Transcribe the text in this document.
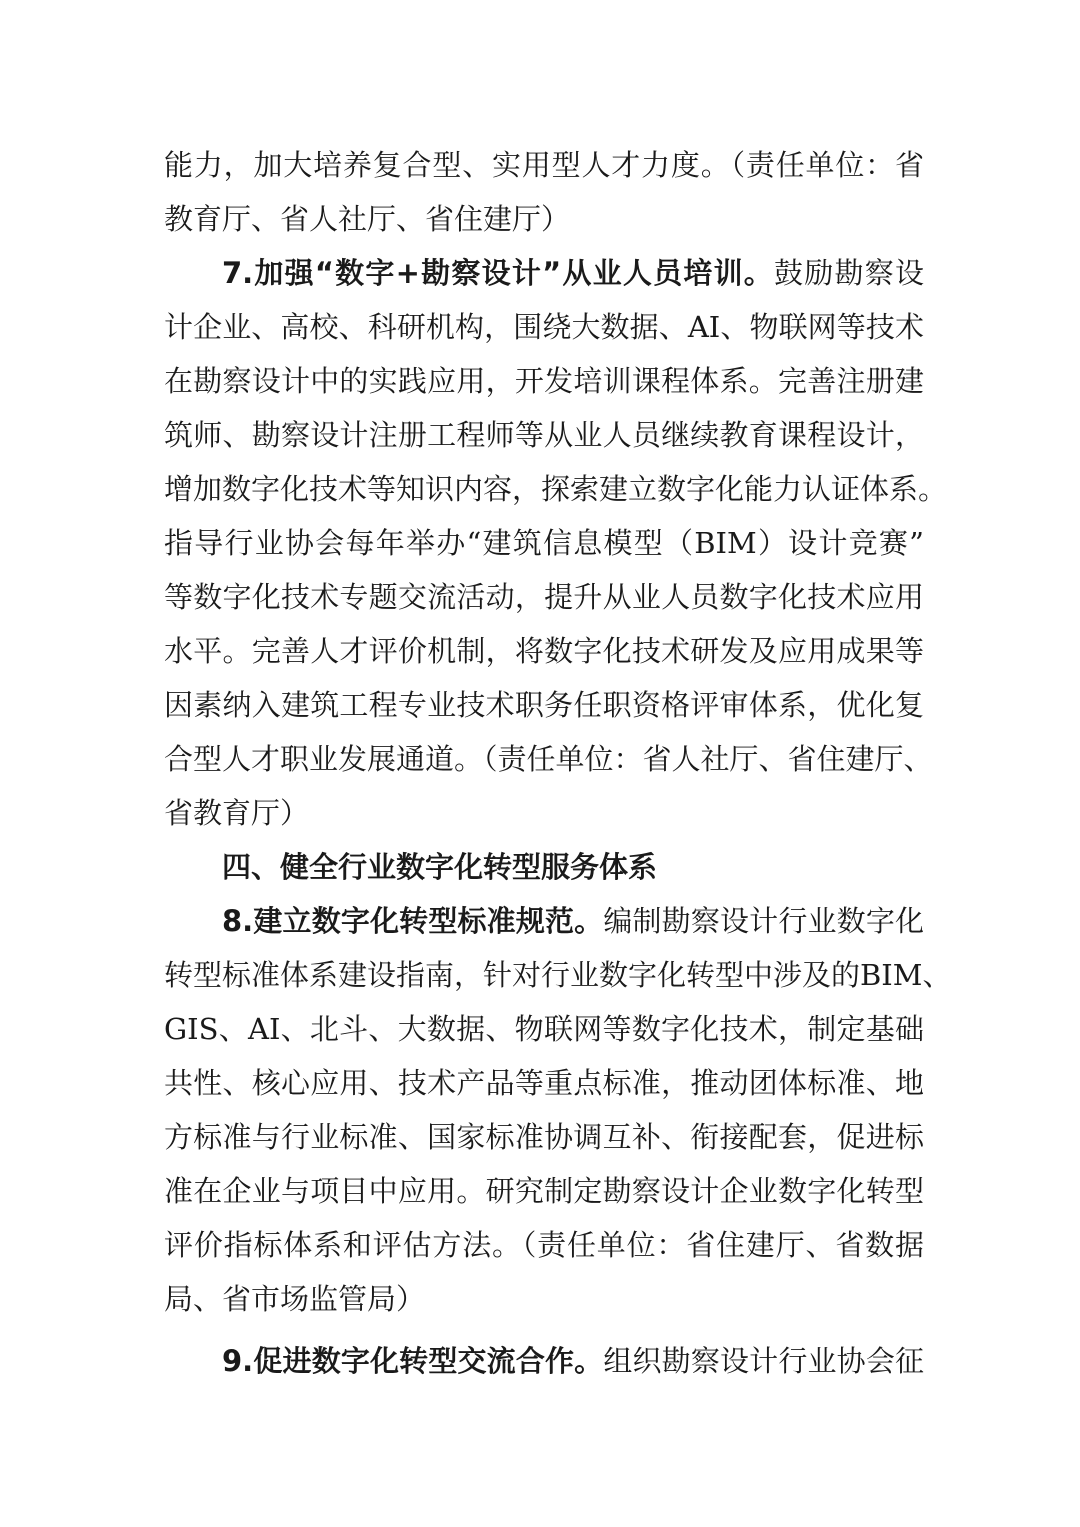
能力，加大培养复合型、实用型人才力度。（责任单位：省
教育厅、省人社厅、省住建厅）
7.加强“数字+勘察设计”从业人员培训。鼓励勘察设
计企业、高校、科研机构，围绕大数据、AI、物联网等技术
在勘察设计中的实践应用，开发培训课程体系。完善注册建
筑师、勘察设计注册工程师等从业人员继续教育课程设计，
增加数字化技术等知识内容，探索建立数字化能力认证体系。
指导行业协会每年举办“建筑信息模型（BIM）设计竞赛”
等数字化技术专题交流活动，提升从业人员数字化技术应用
水平。完善人才评价机制，将数字化技术研发及应用成果等
因素纳入建筑工程专业技术职务任职资格评审体系，优化复
合型人才职业发展通道。（责任单位：省人社厅、省住建厅、
省教育厅）
四、健全行业数字化转型服务体系
8.建立数字化转型标准规范。编制勘察设计行业数字化
转型标准体系建设指南，针对行业数字化转型中涉及的BIM、
GIS、AI、北斗、大数据、物联网等数字化技术，制定基础
共性、核心应用、技术产品等重点标准，推动团体标准、地
方标准与行业标准、国家标准协调互补、衔接配套，促进标
准在企业与项目中应用。研究制定勘察设计企业数字化转型
评价指标体系和评估方法。（责任单位：省住建厅、省数据
局、省市场监管局）
9.促进数字化转型交流合作。组织勘察设计行业协会征
